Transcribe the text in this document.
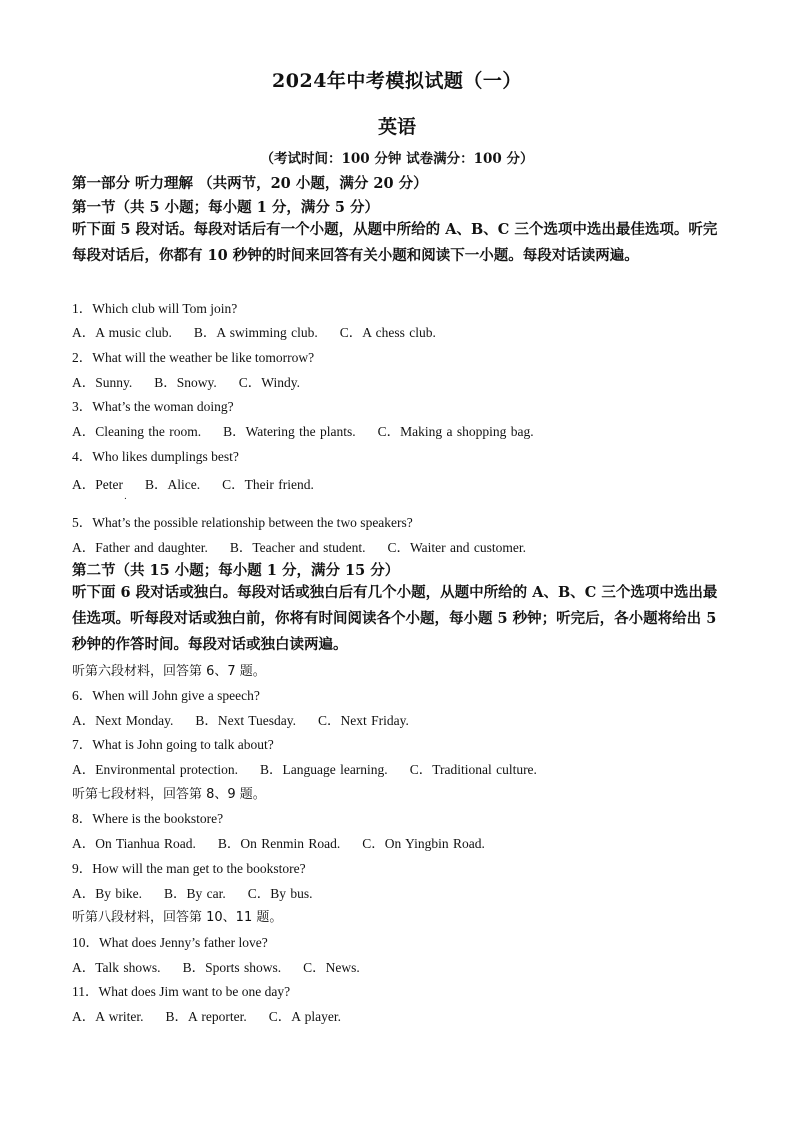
2024年中考模拟试题（一）
英语
（考试时间：100 分钟 试卷满分：100 分）
第一部分 听力理解 （共两节，20 小题，满分 20 分）
第一节（共 5 小题；每小题 1 分，满分 5 分）
听下面 5 段对话。每段对话后有一个小题，从题中所给的 A、B、C 三个选项中选出最佳选项。听完每段对话后，你都有 10 秒钟的时间来回答有关小题和阅读下一小题。每段对话读两遍。
1．Which club will Tom join?
A．A music club. B．A swimming club. C．A chess club.
2．What will the weather be like tomorrow?
A．Sunny. B．Snowy. C．Windy.
3．What’s the woman doing?
A．Cleaning the room. B．Watering the plants. C．Making a shopping bag.
4．Who likes dumplings best?
A．Peter B．Alice. C．Their friend.
.
5．What’s the possible relationship between the two speakers?
A．Father and daughter. B．Teacher and student. C．Waiter and customer.
第二节（共 15 小题；每小题 1 分，满分 15 分）
听下面 6 段对话或独白。每段对话或独白后有几个小题，从题中所给的 A、B、C 三个选项中选出最佳选项。听每段对话或独白前，你将有时间阅读各个小题，每小题 5 秒钟；听完后，各小题将给出 5 秒钟的作答时间。每段对话或独白读两遍。
听第六段材料，回答第 6、7 题。
6．When will John give a speech?
A．Next Monday. B．Next Tuesday. C．Next Friday.
7．What is John going to talk about?
A．Environmental protection. B．Language learning. C．Traditional culture.
听第七段材料，回答第 8、9 题。
8．Where is the bookstore?
A．On Tianhua Road. B．On Renmin Road. C．On Yingbin Road.
9．How will the man get to the bookstore?
A．By bike. B．By car. C．By bus.
听第八段材料，回答第 10、11 题。
10．What does Jenny’s father love?
A．Talk shows. B．Sports shows. C．News.
11．What does Jim want to be one day?
A．A writer. B．A reporter. C．A player.
